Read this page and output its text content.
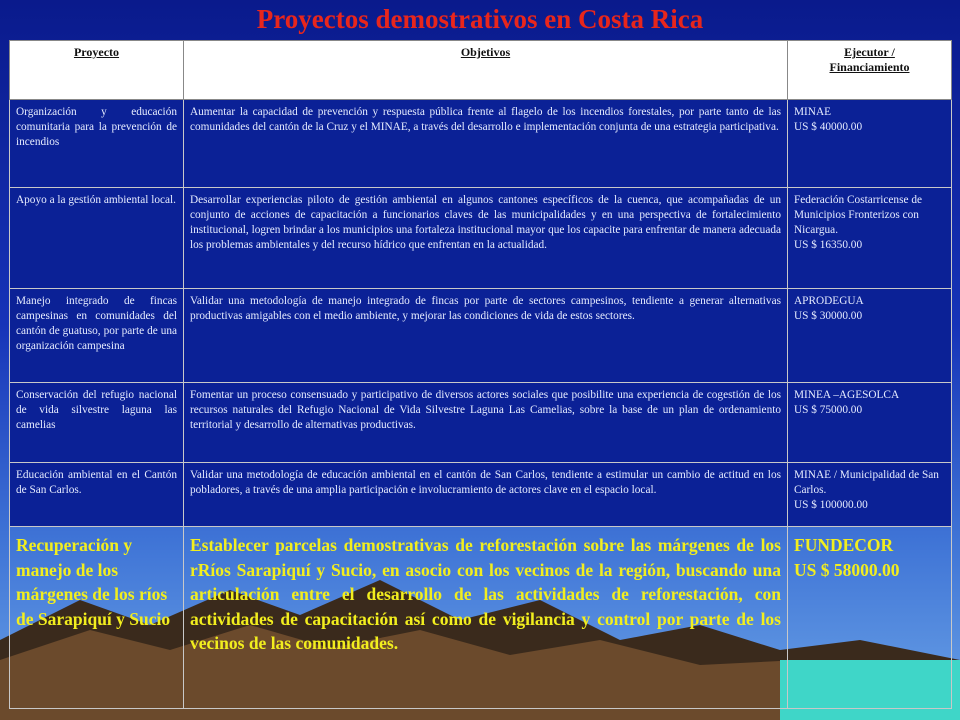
Proyectos demostrativos en Costa Rica
Proyecto	Objetivos	Ejecutor /
Financiamiento

Organización y educación comunitaria para la prevención de incendios	Aumentar la capacidad de prevención y respuesta pública frente al flagelo de los incendios forestales, por parte tanto de las comunidades del cantón de la Cruz y el MINAE, a través del desarrollo e implementación conjunta de una estrategia participativa.	MINAE
US $ 40000.00

Apoyo a la gestión ambiental local.	Desarrollar experiencias piloto de gestión ambiental en algunos cantones específicos de la cuenca, que acompañadas de un conjunto de acciones de capacitación a funcionarios claves de las municipalidades y en una perspectiva de fortalecimiento institucional, logren brindar a los municipios una fortaleza institucional mayor que los capacite para enfrentar de manera adecuada los problemas ambientales y del recurso hídrico que enfrentan en la actualidad.	Federación Costarricense de Municipios Fronterizos con Nicargua.
US $ 16350.00

Manejo integrado de fincas campesinas en comunidades del cantón de guatuso, por parte de una organización campesina	Validar una metodología de manejo integrado de fincas por parte de sectores campesinos, tendiente a generar alternativas productivas amigables con el medio ambiente, y mejorar las condiciones de vida de estos sectores.	APRODEGUA
US $ 30000.00

Conservación del refugio nacional de vida silvestre laguna las camelias	Fomentar un proceso consensuado y participativo de diversos actores sociales que posibilite una experiencia de cogestión de los recursos naturales del Refugio Nacional de Vida Silvestre Laguna Las Camelias, sobre la base de un plan de ordenamiento territorial y desarrollo de alternativas productivas.	MINEA –AGESOLCA
US $ 75000.00

Educación ambiental en el Cantón de San Carlos.	Validar una metodología de educación ambiental en el cantón de San Carlos, tendiente a estimular un cambio de actitud en los pobladores, a través de una amplia participación e involucramiento de actores clave en el espacio local.	MINAE / Municipalidad de San Carlos.
US $ 100000.00

Recuperación y manejo de los márgenes de los ríos de Sarapiquí y Sucio	Establecer parcelas demostrativas de reforestación sobre las márgenes de los rRíos Sarapiquí y Sucio, en asocio con los vecinos de la región, buscando una articulación entre el desarrollo de las actividades de reforestación, con actividades de capacitación así como de vigilancia y control por parte de los vecinos de las comunidades.	FUNDECOR
US $ 58000.00
